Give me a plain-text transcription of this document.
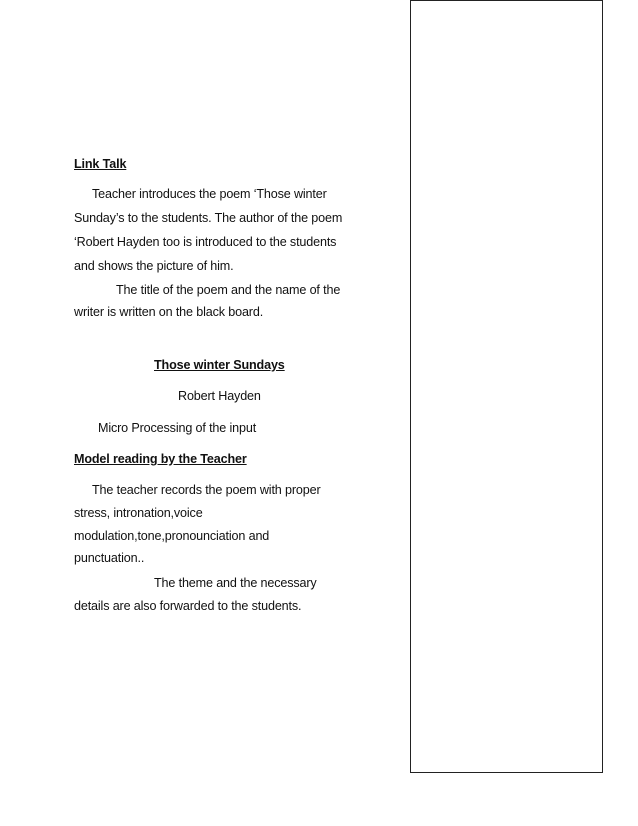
Link Talk
Teacher introduces the poem ‘Those winter
Sunday’s to the students. The author of the poem
‘Robert Hayden too is introduced to the students
and shows the picture of him.
The title of the poem and the name of the
writer is written on the black board.
Those winter Sundays
Robert Hayden
Micro Processing of the input
Model reading by the Teacher
The teacher records the poem with proper
stress, intronation,voice
modulation,tone,pronounciation and
punctuation..
The theme and the necessary
details are also forwarded to the students.
